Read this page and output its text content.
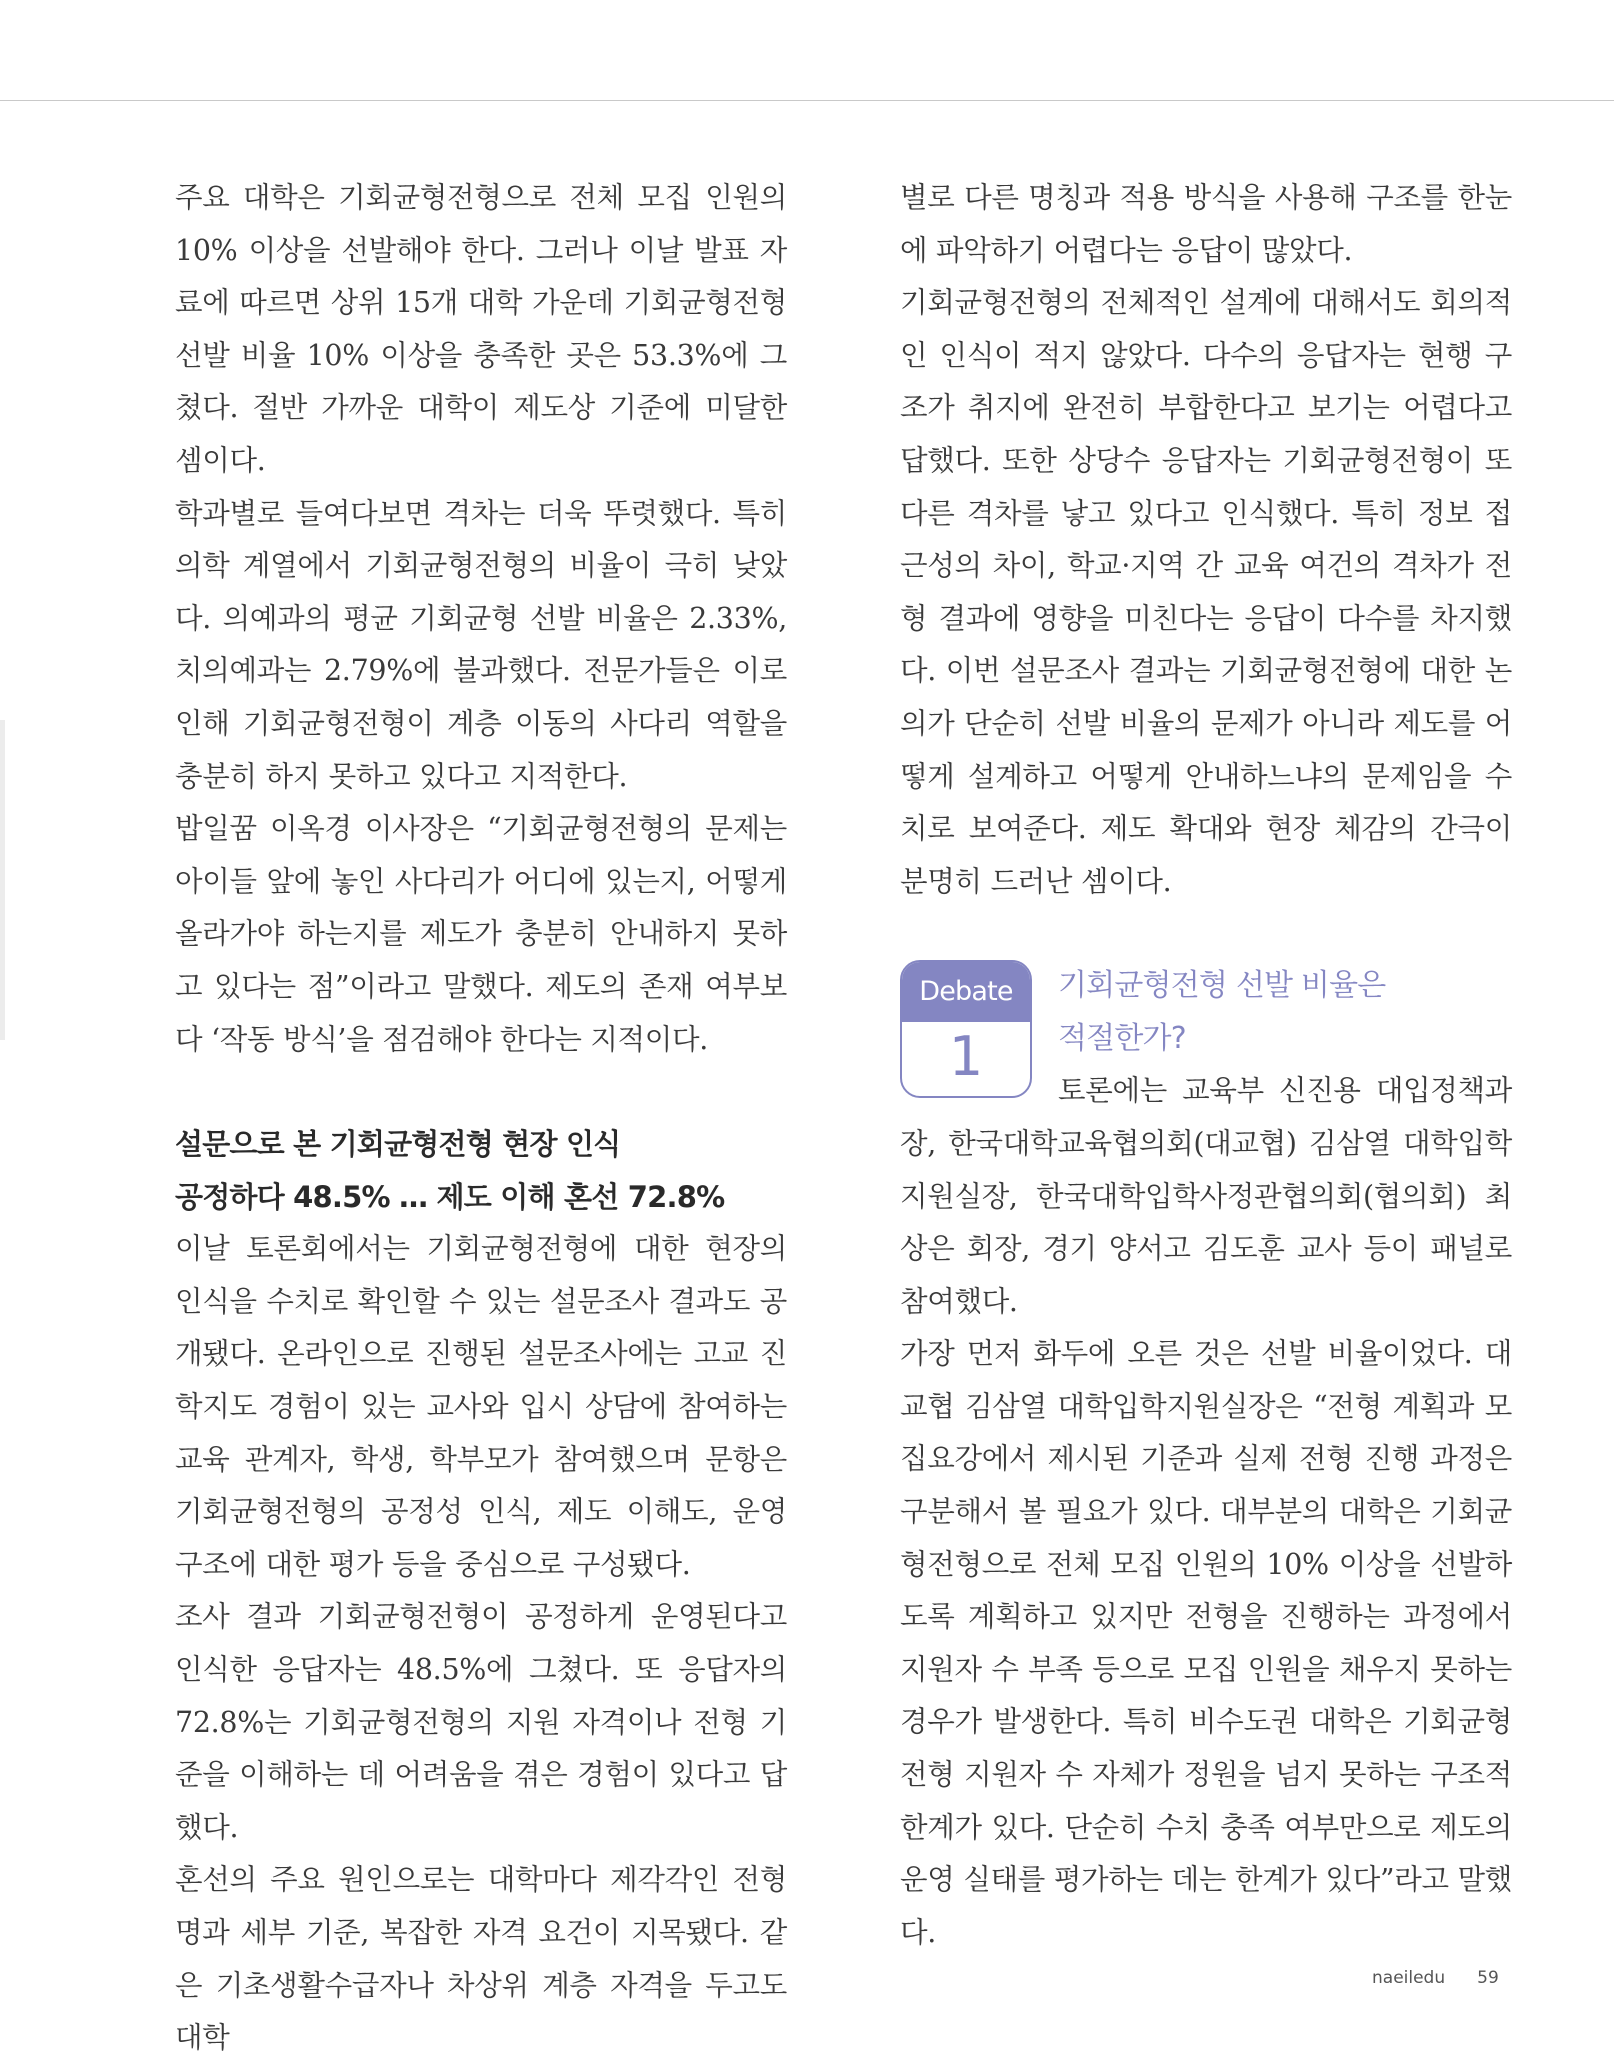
주요 대학은 기회균형전형으로 전체 모집 인원의 10% 이상을 선발해야 한다. 그러나 이날 발표 자료에 따르면 상위 15개 대학 가운데 기회균형전형 선발 비율 10% 이상을 충족한 곳은 53.3%에 그쳤다. 절반 가까운 대학이 제도상 기준에 미달한 셈이다.

학과별로 들여다보면 격차는 더욱 뚜렷했다. 특히 의학 계열에서 기회균형전형의 비율이 극히 낮았다. 의예과의 평균 기회균형 선발 비율은 2.33%, 치의예과는 2.79%에 불과했다. 전문가들은 이로 인해 기회균형전형이 계층 이동의 사다리 역할을 충분히 하지 못하고 있다고 지적한다.

밥일꿈 이옥경 이사장은 “기회균형전형의 문제는 아이들 앞에 놓인 사다리가 어디에 있는지, 어떻게 올라가야 하는지를 제도가 충분히 안내하지 못하고 있다는 점”이라고 말했다. 제도의 존재 여부보다 ‘작동 방식’을 점검해야 한다는 지적이다.

설문으로 본 기회균형전형 현장 인식

공정하다 48.5% … 제도 이해 혼선 72.8%

이날 토론회에서는 기회균형전형에 대한 현장의 인식을 수치로 확인할 수 있는 설문조사 결과도 공개됐다. 온라인으로 진행된 설문조사에는 고교 진학지도 경험이 있는 교사와 입시 상담에 참여하는 교육 관계자, 학생, 학부모가 참여했으며 문항은 기회균형전형의 공정성 인식, 제도 이해도, 운영 구조에 대한 평가 등을 중심으로 구성됐다.

조사 결과 기회균형전형이 공정하게 운영된다고 인식한 응답자는 48.5%에 그쳤다. 또 응답자의 72.8%는 기회균형전형의 지원 자격이나 전형 기준을 이해하는 데 어려움을 겪은 경험이 있다고 답했다.

혼선의 주요 원인으로는 대학마다 제각각인 전형명과 세부 기준, 복잡한 자격 요건이 지목됐다. 같은 기초생활수급자나 차상위 계층 자격을 두고도 대학

별로 다른 명칭과 적용 방식을 사용해 구조를 한눈에 파악하기 어렵다는 응답이 많았다.

기회균형전형의 전체적인 설계에 대해서도 회의적인 인식이 적지 않았다. 다수의 응답자는 현행 구조가 취지에 완전히 부합한다고 보기는 어렵다고 답했다. 또한 상당수 응답자는 기회균형전형이 또 다른 격차를 낳고 있다고 인식했다. 특히 정보 접근성의 차이, 학교·지역 간 교육 여건의 격차가 전형 결과에 영향을 미친다는 응답이 다수를 차지했다. 이번 설문조사 결과는 기회균형전형에 대한 논의가 단순히 선발 비율의 문제가 아니라 제도를 어떻게 설계하고 어떻게 안내하느냐의 문제임을 수치로 보여준다. 제도 확대와 현장 체감의 간극이 분명히 드러난 셈이다.

Debate
1
기회균형전형 선발 비율은
적절한가?

토론에는 교육부 신진용 대입정책과장, 한국대학교육협의회(대교협) 김삼열 대학입학지원실장, 한국대학입학사정관협의회(협의회) 최상은 회장, 경기 양서고 김도훈 교사 등이 패널로 참여했다.

가장 먼저 화두에 오른 것은 선발 비율이었다. 대교협 김삼열 대학입학지원실장은 “전형 계획과 모집요강에서 제시된 기준과 실제 전형 진행 과정은 구분해서 볼 필요가 있다. 대부분의 대학은 기회균형전형으로 전체 모집 인원의 10% 이상을 선발하도록 계획하고 있지만 전형을 진행하는 과정에서 지원자 수 부족 등으로 모집 인원을 채우지 못하는 경우가 발생한다. 특히 비수도권 대학은 기회균형전형 지원자 수 자체가 정원을 넘지 못하는 구조적 한계가 있다. 단순히 수치 충족 여부만으로 제도의 운영 실태를 평가하는 데는 한계가 있다”라고 말했다.

naeiledu 59
